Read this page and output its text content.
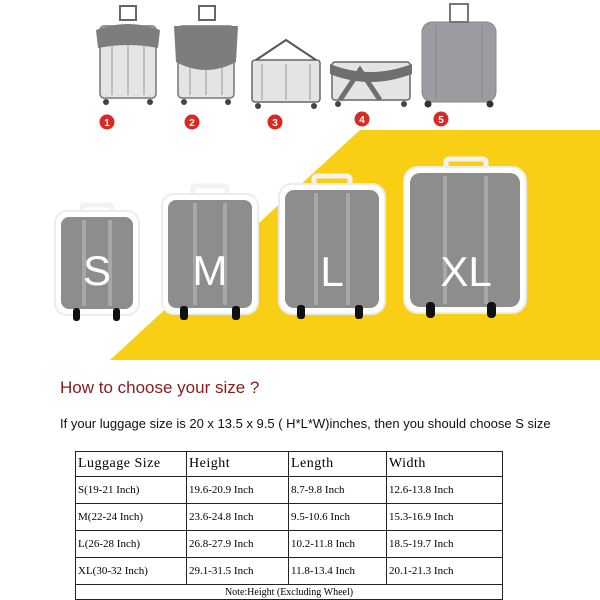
1	2	3	4	5
S M L XL
How to choose your size ?
If your luggage size is 20 x 13.5 x 9.5 ( H*L*W)inches, then you should choose S size
Luggage Size	Height	Length	Width
S(19-21 Inch)	19.6-20.9 Inch	8.7-9.8 Inch	12.6-13.8 Inch
M(22-24 Inch)	23.6-24.8 Inch	9.5-10.6 Inch	15.3-16.9 Inch
L(26-28 Inch)	26.8-27.9 Inch	10.2-11.8 Inch	18.5-19.7 Inch
XL(30-32 Inch)	29.1-31.5 Inch	11.8-13.4 Inch	20.1-21.3 Inch
Note:Height (Excluding Wheel)			
